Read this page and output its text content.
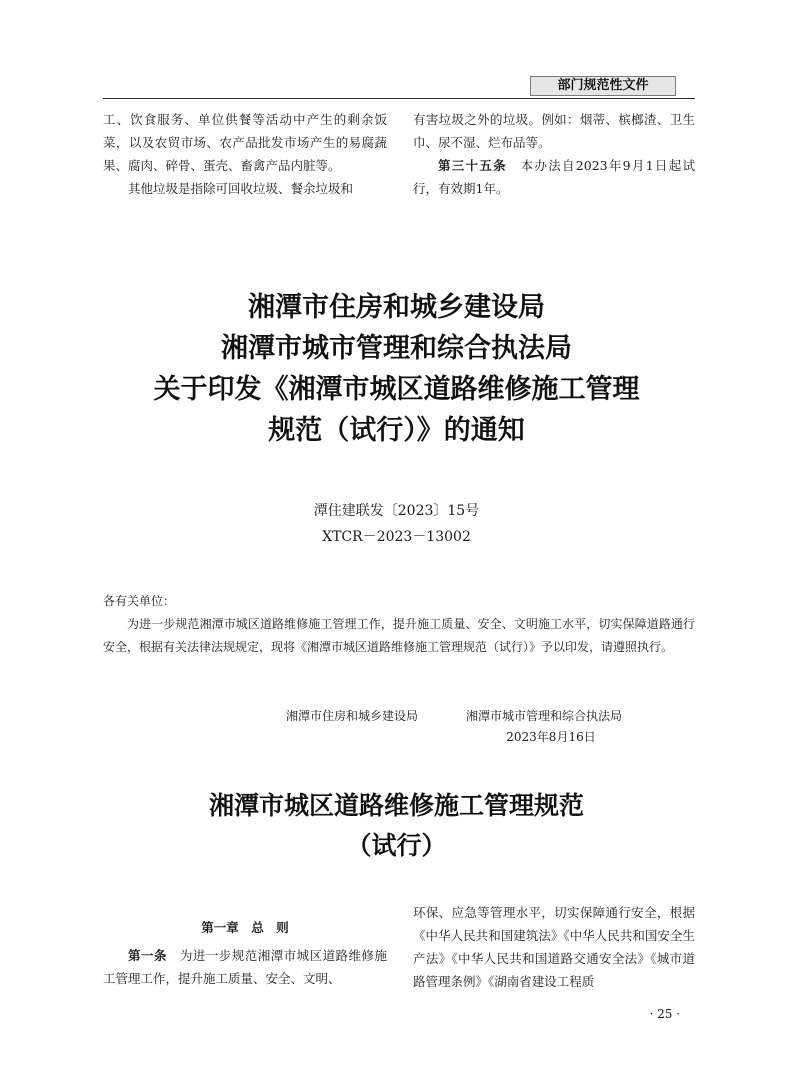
部门规范性文件

工、饮食服务、单位供餐等活动中产生的剩余饭菜，以及农贸市场、农产品批发市场产生的易腐蔬果、腐肉、碎骨、蛋壳、畜禽产品内脏等。

其他垃圾是指除可回收垃圾、餐余垃圾和

有害垃圾之外的垃圾。例如：烟蒂、槟榔渣、卫生巾、尿不湿、烂布品等。

第三十五条　本办法自2023年9月1日起试行，有效期1年。

湘潭市住房和城乡建设局
湘潭市城市管理和综合执法局
关于印发《湘潭市城区道路维修施工管理
规范（试行）》的通知
潭住建联发〔2023〕15号
XTCR－2023－13002

各有关单位：

为进一步规范湘潭市城区道路维修施工管理工作，提升施工质量、安全、文明施工水平，切实保障道路通行安全，根据有关法律法规规定，现将《湘潭市城区道路维修施工管理规范（试行）》予以印发，请遵照执行。

湘潭市住房和城乡建设局	湘潭市城市管理和综合执法局
2023年8月16日
湘潭市城区道路维修施工管理规范
（试行）
第一章　总　则

第一条　为进一步规范湘潭市城区道路维修施工管理工作，提升施工质量、安全、文明、

环保、应急等管理水平，切实保障通行安全，根据《中华人民共和国建筑法》《中华人民共和国安全生产法》《中华人民共和国道路交通安全法》《城市道路管理条例》《湖南省建设工程质

· 25 ·
